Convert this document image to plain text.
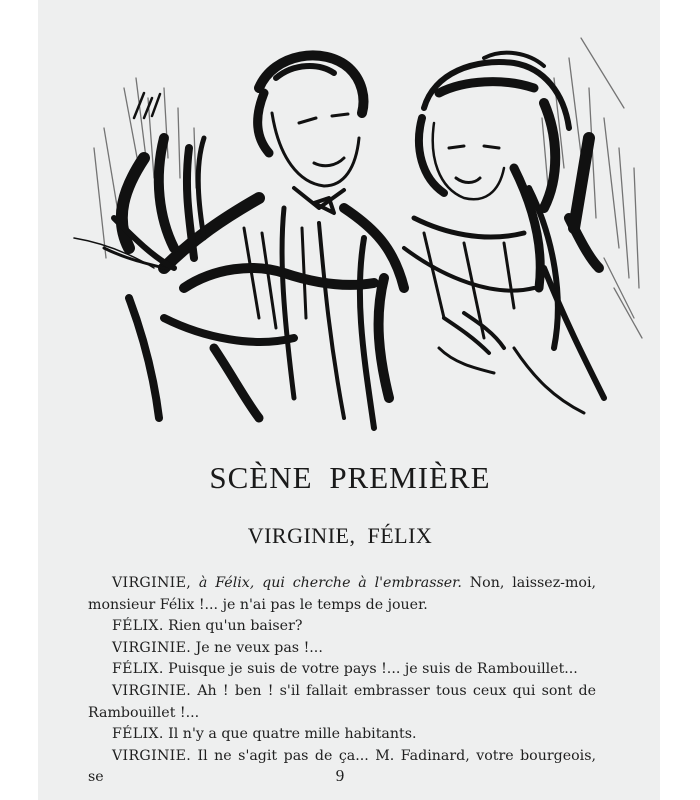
SCÈNE PREMIÈRE
VIRGINIE, FÉLIX

VIRGINIE, à Félix, qui cherche à l'embrasser. Non, laissez-moi, monsieur Félix !... je n'ai pas le temps de jouer.

FÉLIX. Rien qu'un baiser?

VIRGINIE. Je ne veux pas !...

FÉLIX. Puisque je suis de votre pays !... je suis de Rambouillet...

VIRGINIE. Ah ! ben ! s'il fallait embrasser tous ceux qui sont de Rambouillet !...

FÉLIX. Il n'y a que quatre mille habitants.

VIRGINIE. Il ne s'agit pas de ça... M. Fadinard, votre bourgeois, se	9
